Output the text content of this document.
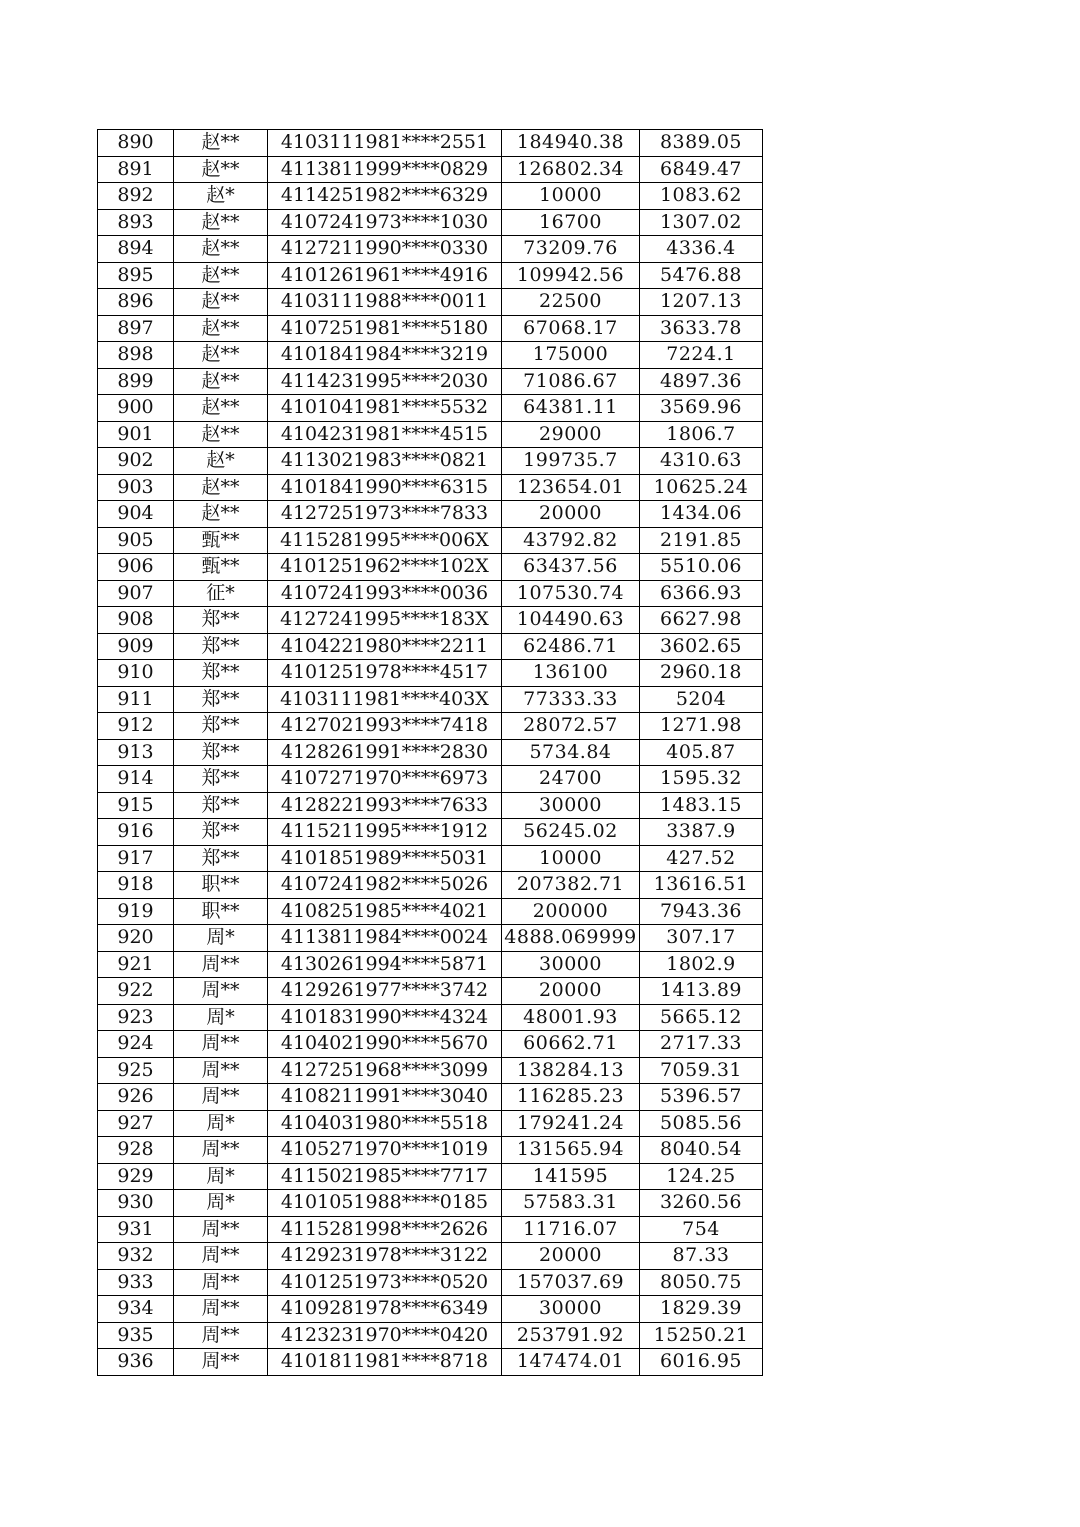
890	赵**	4103111981****2551	184940.38	8389.05
891	赵**	4113811999****0829	126802.34	6849.47
892	赵*	4114251982****6329	10000	1083.62
893	赵**	4107241973****1030	16700	1307.02
894	赵**	4127211990****0330	73209.76	4336.4
895	赵**	4101261961****4916	109942.56	5476.88
896	赵**	4103111988****0011	22500	1207.13
897	赵**	4107251981****5180	67068.17	3633.78
898	赵**	4101841984****3219	175000	7224.1
899	赵**	4114231995****2030	71086.67	4897.36
900	赵**	4101041981****5532	64381.11	3569.96
901	赵**	4104231981****4515	29000	1806.7
902	赵*	4113021983****0821	199735.7	4310.63
903	赵**	4101841990****6315	123654.01	10625.24
904	赵**	4127251973****7833	20000	1434.06
905	甄**	4115281995****006X	43792.82	2191.85
906	甄**	4101251962****102X	63437.56	5510.06
907	征*	4107241993****0036	107530.74	6366.93
908	郑**	4127241995****183X	104490.63	6627.98
909	郑**	4104221980****2211	62486.71	3602.65
910	郑**	4101251978****4517	136100	2960.18
911	郑**	4103111981****403X	77333.33	5204
912	郑**	4127021993****7418	28072.57	1271.98
913	郑**	4128261991****2830	5734.84	405.87
914	郑**	4107271970****6973	24700	1595.32
915	郑**	4128221993****7633	30000	1483.15
916	郑**	4115211995****1912	56245.02	3387.9
917	郑**	4101851989****5031	10000	427.52
918	职**	4107241982****5026	207382.71	13616.51
919	职**	4108251985****4021	200000	7943.36
920	周*	4113811984****0024	4888.069999	307.17
921	周**	4130261994****5871	30000	1802.9
922	周**	4129261977****3742	20000	1413.89
923	周*	4101831990****4324	48001.93	5665.12
924	周**	4104021990****5670	60662.71	2717.33
925	周**	4127251968****3099	138284.13	7059.31
926	周**	4108211991****3040	116285.23	5396.57
927	周*	4104031980****5518	179241.24	5085.56
928	周**	4105271970****1019	131565.94	8040.54
929	周*	4115021985****7717	141595	124.25
930	周*	4101051988****0185	57583.31	3260.56
931	周**	4115281998****2626	11716.07	754
932	周**	4129231978****3122	20000	87.33
933	周**	4101251973****0520	157037.69	8050.75
934	周**	4109281978****6349	30000	1829.39
935	周**	4123231970****0420	253791.92	15250.21
936	周**	4101811981****8718	147474.01	6016.95
